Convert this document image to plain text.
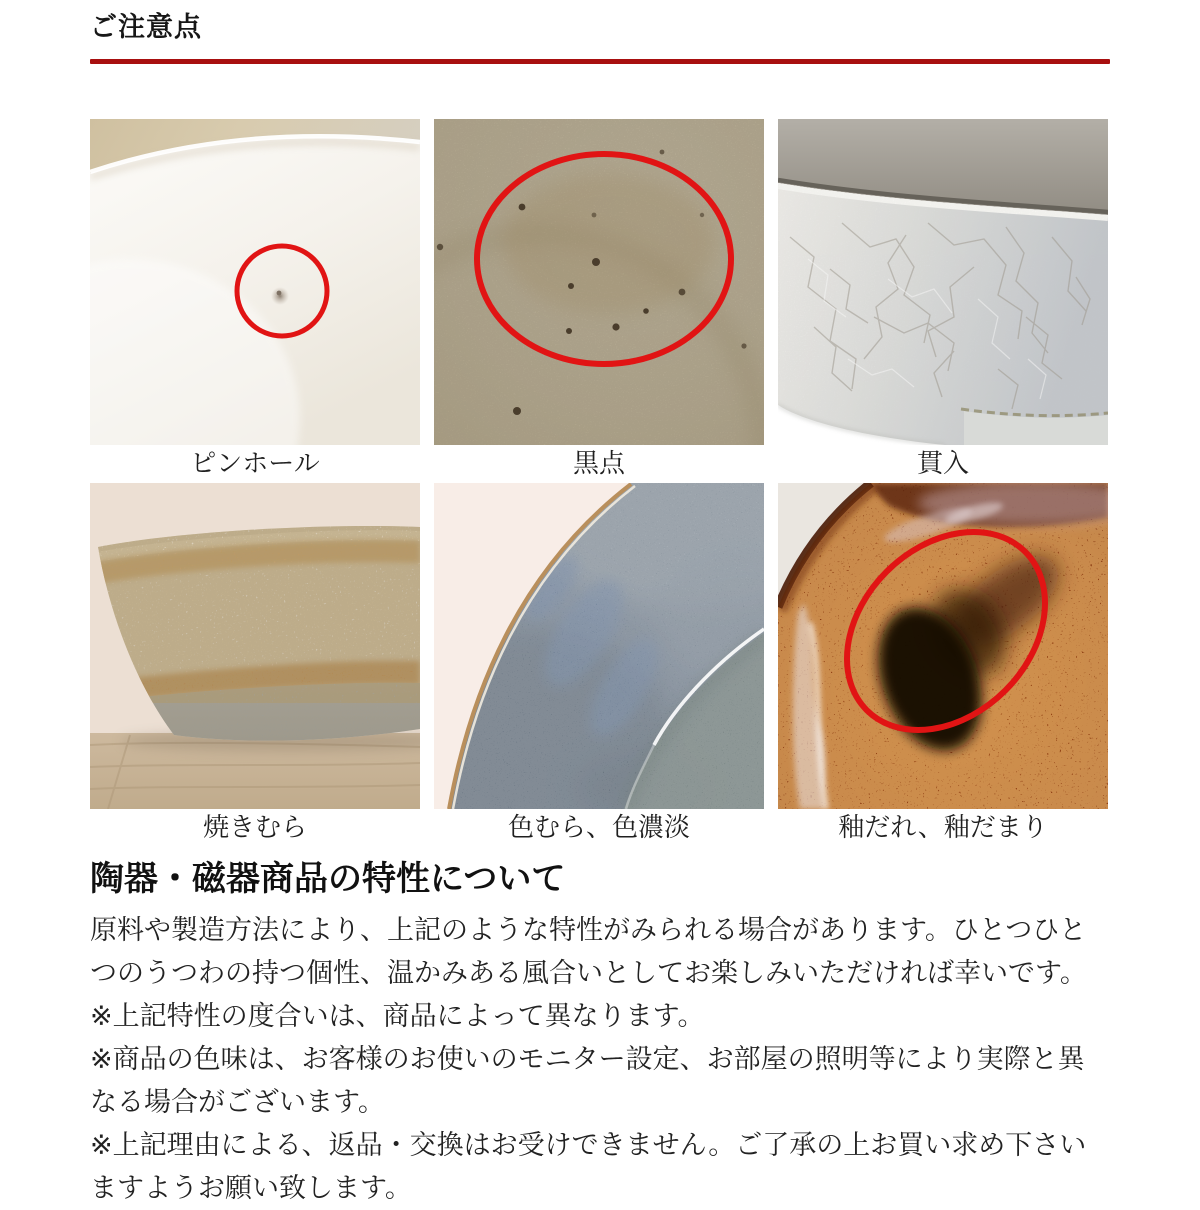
ご注意点
ピンホール	黒点	貫入
焼きむら	色むら、色濃淡	釉だれ、釉だまり
陶器・磁器商品の特性について
原料や製造方法により、上記のような特性がみられる場合があります。ひとつひと
つのうつわの持つ個性、温かみある風合いとしてお楽しみいただければ幸いです。
※上記特性の度合いは、商品によって異なります。
※商品の色味は、お客様のお使いのモニター設定、お部屋の照明等により実際と異
なる場合がございます。
※上記理由による、返品・交換はお受けできません。ご了承の上お買い求め下さい
ますようお願い致します。
